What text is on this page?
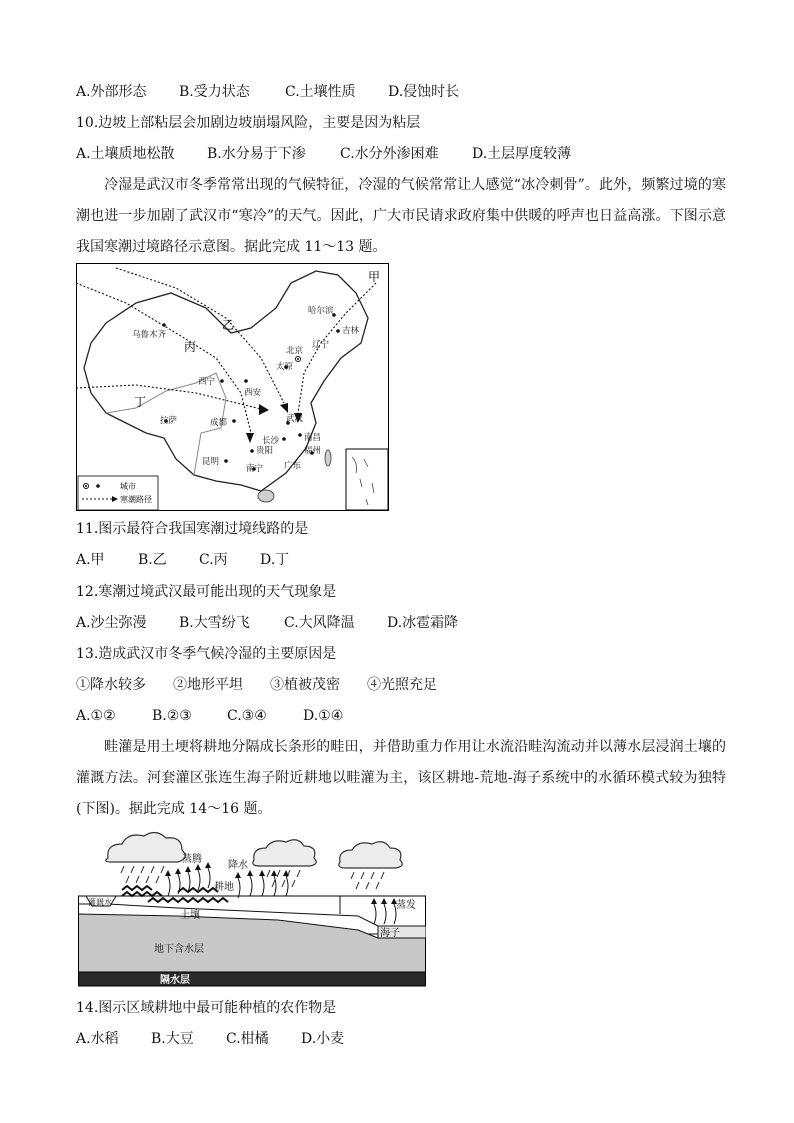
A.外部形态 B.受力状态	C.土壤性质 D.侵蚀时长
10.边坡上部粘层会加剧边坡崩塌风险，主要是因为粘层
A.土壤质地松散 B.水分易于下渗 C.水分外渗困难 D.土层厚度较薄
冷湿是武汉市冬季常常出现的气候特征，冷湿的气候常常让人感觉“冰冷刺骨”。此外，频繁过境的寒潮也进一步加剧了武汉市“寒冷”的天气。因此，广大市民请求政府集中供暖的呼声也日益高涨。下图示意我国寒潮过境路径示意图。据此完成 11～13 题。
甲
乙
丙
丁
哈尔滨
吉林
乌鲁木齐
北京
辽宁
太原
西宁
西安
拉萨	成都	武汉
长沙	南昌
贵阳	福州
昆明
南宁 广东
城市
寒潮路径
11.图示最符合我国寒潮过境线路的是
A.甲 B.乙 C.丙 D.丁
12.寒潮过境武汉最可能出现的天气现象是
A.沙尘弥漫 B.大雪纷飞 C.大风降温 D.冰雹霜降
13.造成武汉市冬季气候冷湿的主要原因是
①降水较多 ②地形平坦 ③植被茂密 ④光照充足
A.①②	B.②③	C.③④	D.①④
畦灌是用土埂将耕地分隔成长条形的畦田，并借助重力作用让水流沿畦沟流动并以薄水层浸润土壤的灌溉方法。河套灌区张连生海子附近耕地以畦灌为主，该区耕地-荒地-海子系统中的水循环模式较为独特(下图)。据此完成 14～16 题。
蒸腾
降水
耕地
灌溉水
土壤
蒸发
海子
地下含水层
隔水层
14.图示区域耕地中最可能种植的农作物是
A.水稻 B.大豆 C.柑橘 D.小麦
